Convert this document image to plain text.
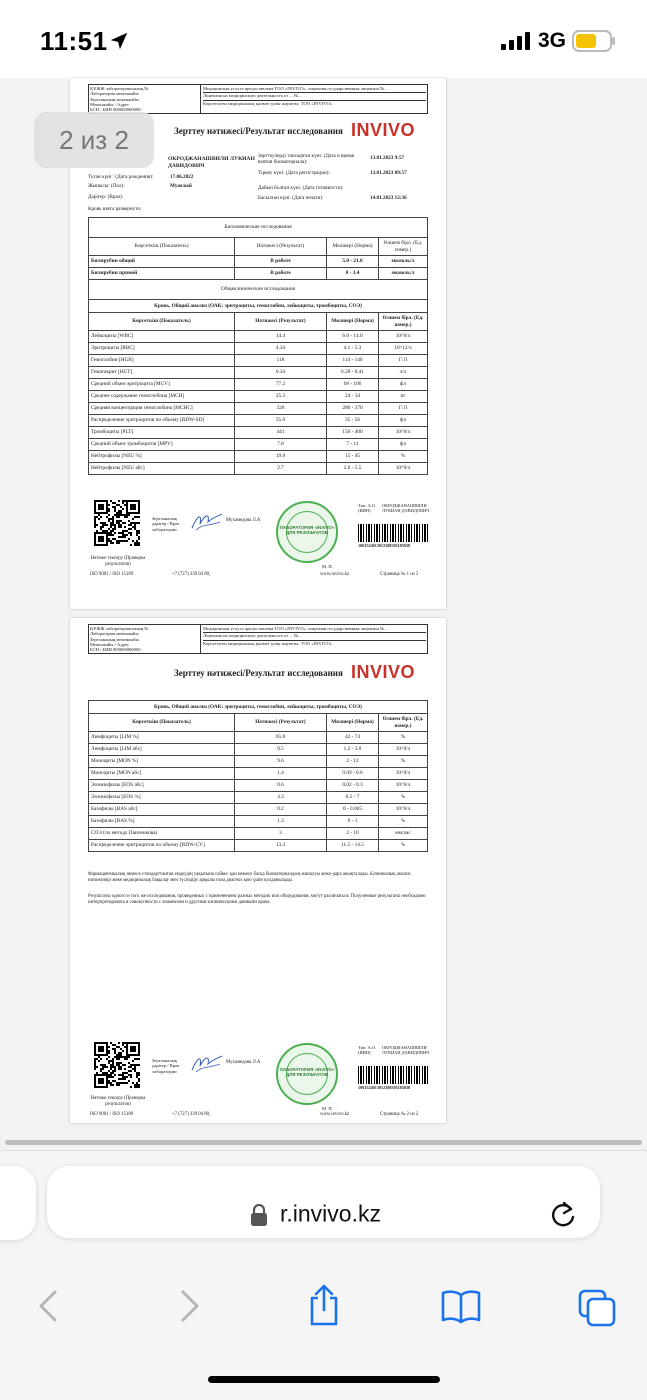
11:51	3G
ҚҰЖЖ лабораториясының №
Лаборатория мекенжайы
Зертхананың мекенжайы
Мекенжайы / Адрес
БСН / БИН 000000000000
Медицинская услуга предоставлена ТОО «INVIVO», лицензия государственная лицензия №...
Лицензия на медицинскую деятельность от ... №...
Көрсетілген медициналық қызмет үшін жауапты: ТОО «INVIVO»
Зерттеу нәтижесі/Результат исследования INVIVO
ОКРОДЖАНАШВИЛИ ЛУКИАН ДАВИДОВИЧ
Туған күні : (Дата рождения):	17.06.2022
Жынысы: (Пол):	Мужской
Дәрігер: (Врач):
Зерттеулерді тапсырған күні: (Дата и время взятия биоматериала):
13.01.2023 9:57
Тіркеу күні: (Дата регистрации):	13.01.2023 09:57
Дайын болған күні: (Дата готовности):
Басылған күні: (Дата печати):	14.01.2023 12:36
Кровь взята развернуто:
Биохимические исследования			
Көрсеткіш (Показатель)	Нәтижесі (Результат)	Мөлшері (Норма)	Өлшем бірл. (Ед. измер.)
Билирубин общий	В работе	5.0 - 21.0	мкмоль/л
Билирубин прямой	В работе	0 - 3.4	мкмоль/л
Общеклинические исследования			
Кровь. Общий анализ (ОАК: эритроциты, гемоглобин, лейкоциты, тромбоциты, СОЭ)			
Көрсеткіш (Показатель)	Нәтижесі (Результат)	Мөлшері (Норма)	Өлшем бірл. (Ед. измер.)
Лейкоциты [WBC]	14.4	6.0 - 14.0	10^9/л
Эритроциты [RBC]	4.34	4.1 - 5.3	10^12/л
Гемоглобин [HGB]	118	114 - 140	Г/Л
Гематокрит [HCT]	0.34	0.28 - 0.41	л/л
Средний объем эритроцита [MCV]	77.2	68 - 106	фл
Среднее содержание гемоглобина [MCH]	25.3	24 - 34	пг
Средняя концентрация гемоглобина [MCHC]	328	280 - 370	Г/Л
Распределение эритроцитов по объему [RDW-SD]	35.0	35 - 56	фл
Тромбоциты [PLT]	441	150 - 400	10^9/л
Средний объем тромбоцитов [MPV]	7.8	7 - 11	фл
Нейтрофилы [NEU %]	19.0	15 - 45	%
Нейтрофилы [NEU абс]	2.7	2.0 - 5.5	10^9/л
Зертханалық дәрігер / Врач лаборатории
Мухамедова Л.А
ЛАБОРАТОРИЯ «INVIVO» ДЛЯ РЕЗУЛЬТАТОВ
Тип: А.О. (ИИН)
ОКРОДЖАНАШВИЛИ ЛУКИАН ДАВИДОВИЧ
1001524013012300301185038
М. П.
Нәтиже тексеру (Проверка результатов)
ISO 9001 / ISO 15189	+7 (727) 339 04 80,	www.invivo.kz	Страница № 1 из 2
ҚҰЖЖ лабораториясының №
Лаборатория мекенжайы
Зертхананың мекенжайы
Мекенжайы / Адрес
БСН / БИН 000000000000
Медицинская услуга предоставлена ТОО «INVIVO», лицензия государственная лицензия №...
Лицензия на медицинскую деятельность от ... №...
Көрсетілген медициналық қызмет үшін жауапты: ТОО «INVIVO»
Зерттеу нәтижесі/Результат исследования INVIVO
Кровь. Общий анализ (ОАК: эритроциты, гемоглобин, лейкоциты, тромбоциты, СОЭ)			
Көрсеткіш (Показатель)	Нәтижесі (Результат)	Мөлшері (Норма)	Өлшем бірл. (Ед. измер.)
Лимфоциты [LIM %]	65.8	42 - 74	%
Лимфоциты [LIM абс]	9.5	1.2 - 3.0	10^9/л
Моноциты [MON %]	9.6	2 - 12	%
Моноциты [MON абс]	1.4	0.09 - 0.6	10^9/л
Эозинофилы [EOS абс]	0.6	0.02 - 0.3	10^9/л
Эозинофилы [EOS %]	4.3	0.5 - 7	%
Базофилы [BAS абс]	0.2	0 - 0.065	10^9/л
Базофилы [BAS %]	1.3	0 - 1	%
СОЭ (по методу Панченкова)	3	2 - 10	мм/час
Распределение эритроцитов по объему [RDW-CV]	13.3	11.5 - 14.5	%
Фармацевтикалық немесе стандарттанған емдеудің уақытына сәйкес қан немесе басқа биоматериалдың жиналуы жеке-дара анықталады. Клиникалық анализ нәтижелері жеке медициналық бақылау мен түсіндіру арқылы ғана диагноз қою үшін қолданылады.
Результаты одного и того же исследования, проведенных с применением разных методик или оборудования, могут различаться. Полученные результаты необходимо интерпретировать в совокупности с анамнезом и другими клиническими данными врача.
Зертханалық дәрігер / Врач лаборатории
Мухамедова Л.А
ЛАБОРАТОРИЯ «INVIVO» ДЛЯ РЕЗУЛЬТАТОВ
Тип: А.О. (ИИН)
ОКРОДЖАНАШВИЛИ ЛУКИАН ДАВИДОВИЧ
1001524013012300301185038
М. П.
Нәтиже тексеру (Проверка результатов)
ISO 9001 / ISO 15189	+7 (727) 339 04 80,	www.invivo.kz	Страница № 2 из 2
2 из 2
r.invivo.kz
